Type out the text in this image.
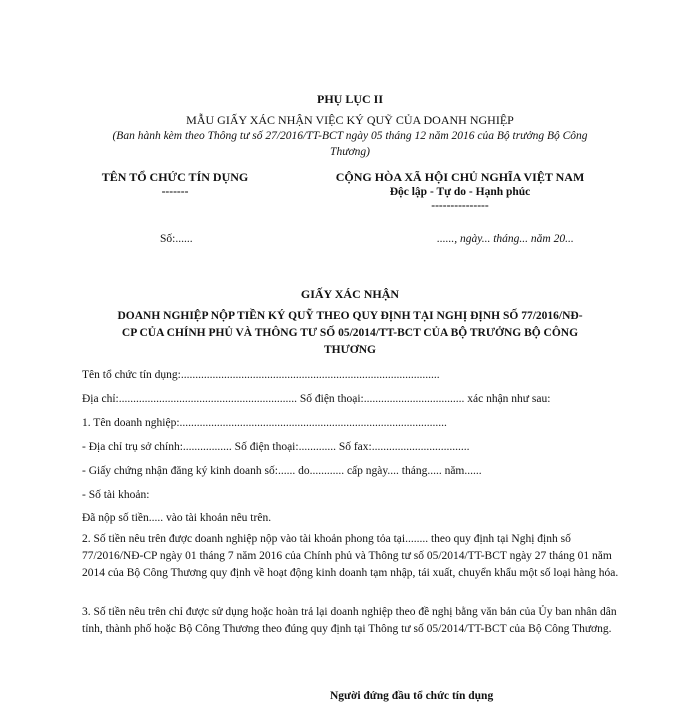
PHỤ LỤC II
MẪU GIẤY XÁC NHẬN VIỆC KÝ QUỸ CỦA DOANH NGHIỆP
(Ban hành kèm theo Thông tư số 27/2016/TT-BCT ngày 05 tháng 12 năm 2016 của Bộ trưởng Bộ Công
Thương)
TÊN TỔ CHỨC TÍN DỤNG
-------
Số:......
CỘNG HÒA XÃ HỘI CHỦ NGHĨA VIỆT NAM
Độc lập - Tự do - Hạnh phúc
---------------
......, ngày... tháng... năm 20...
GIẤY XÁC NHẬN
DOANH NGHIỆP NỘP TIỀN KÝ QUỸ THEO QUY ĐỊNH TẠI NGHỊ ĐỊNH SỐ 77/2016/NĐ-
CP CỦA CHÍNH PHỦ VÀ THÔNG TƯ SỐ 05/2014/TT-BCT CỦA BỘ TRƯỞNG BỘ CÔNG
THƯƠNG
Tên tổ chức tín dụng:..........................................................................................
Địa chỉ:.............................................................. Số điện thoại:................................... xác nhận như sau:
1. Tên doanh nghiệp:.............................................................................................
- Địa chỉ trụ sở chính:................. Số điện thoại:............. Số fax:..................................
- Giấy chứng nhận đăng ký kinh doanh số:...... do............ cấp ngày.... tháng..... năm......
- Số tài khoản:
Đã nộp số tiền..... vào tài khoản nêu trên.
2. Số tiền nêu trên được doanh nghiệp nộp vào tài khoản phong tỏa tại........ theo quy định tại Nghị định số 77/2016/NĐ-CP ngày 01 tháng 7 năm 2016 của Chính phủ và Thông tư số 05/2014/TT-BCT ngày 27 tháng 01 năm 2014 của Bộ Công Thương quy định về hoạt động kinh doanh tạm nhập, tái xuất, chuyển khẩu một số loại hàng hóa.
3. Số tiền nêu trên chỉ được sử dụng hoặc hoàn trả lại doanh nghiệp theo đề nghị bằng văn bản của Ủy ban nhân dân tỉnh, thành phố hoặc Bộ Công Thương theo đúng quy định tại Thông tư số 05/2014/TT-BCT của Bộ Công Thương.
Người đứng đầu tổ chức tín dụng
